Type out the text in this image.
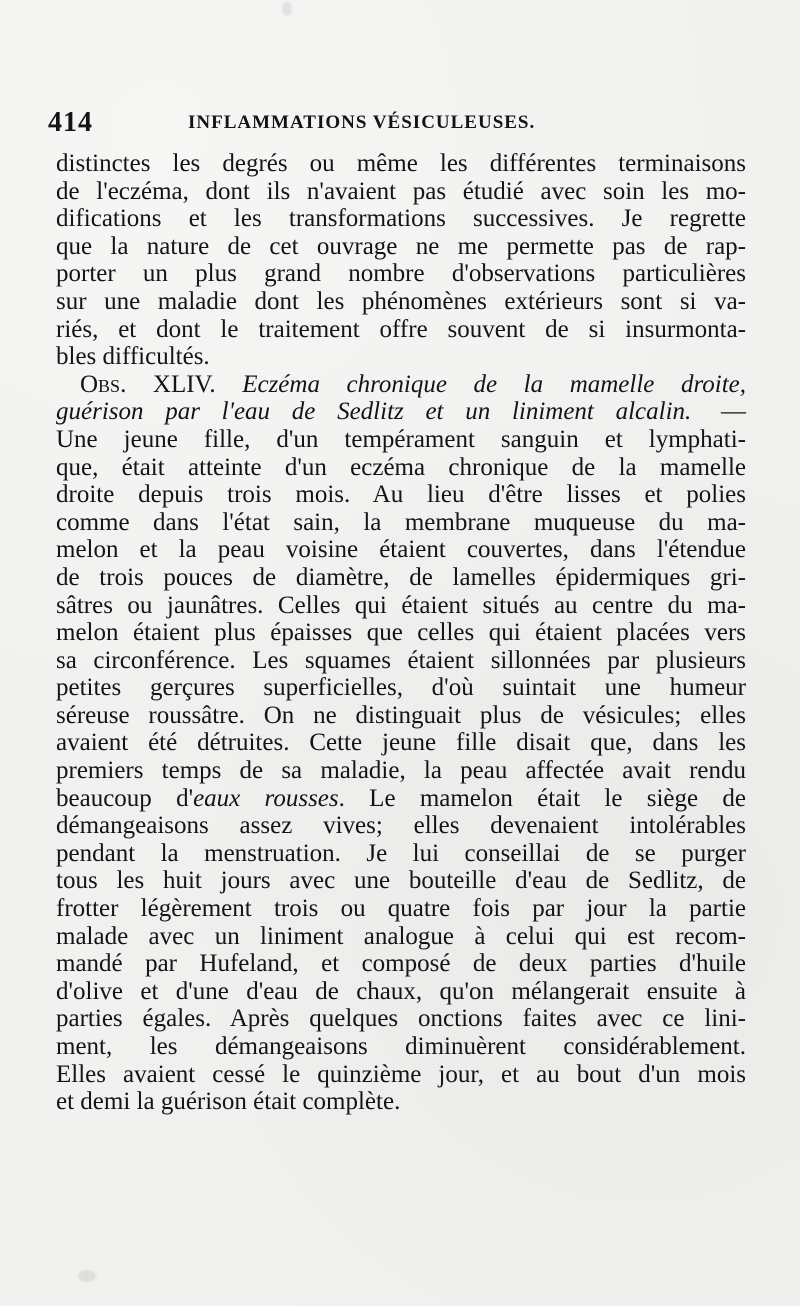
414	INFLAMMATIONS VÉSICULEUSES.
distinctes les degrés ou même les différentes terminaisons
de l'eczéma, dont ils n'avaient pas étudié avec soin les mo-
difications et les transformations successives. Je regrette
que la nature de cet ouvrage ne me permette pas de rap-
porter un plus grand nombre d'observations particulières
sur une maladie dont les phénomènes extérieurs sont si va-
riés, et dont le traitement offre souvent de si insurmonta-
bles difficultés.
Obs. XLIV. Eczéma chronique de la mamelle droite,
guérison par l'eau de Sedlitz et un liniment alcalin. —
Une jeune fille, d'un tempérament sanguin et lymphati-
que, était atteinte d'un eczéma chronique de la mamelle
droite depuis trois mois. Au lieu d'être lisses et polies
comme dans l'état sain, la membrane muqueuse du ma-
melon et la peau voisine étaient couvertes, dans l'étendue
de trois pouces de diamètre, de lamelles épidermiques gri-
sâtres ou jaunâtres. Celles qui étaient situés au centre du ma-
melon étaient plus épaisses que celles qui étaient placées vers
sa circonférence. Les squames étaient sillonnées par plusieurs
petites gerçures superficielles, d'où suintait une humeur
séreuse roussâtre. On ne distinguait plus de vésicules; elles
avaient été détruites. Cette jeune fille disait que, dans les
premiers temps de sa maladie, la peau affectée avait rendu
beaucoup d'eaux rousses. Le mamelon était le siège de
démangeaisons assez vives; elles devenaient intolérables
pendant la menstruation. Je lui conseillai de se purger
tous les huit jours avec une bouteille d'eau de Sedlitz, de
frotter légèrement trois ou quatre fois par jour la partie
malade avec un liniment analogue à celui qui est recom-
mandé par Hufeland, et composé de deux parties d'huile
d'olive et d'une d'eau de chaux, qu'on mélangerait ensuite à
parties égales. Après quelques onctions faites avec ce lini-
ment, les démangeaisons diminuèrent considérablement.
Elles avaient cessé le quinzième jour, et au bout d'un mois
et demi la guérison était complète.
